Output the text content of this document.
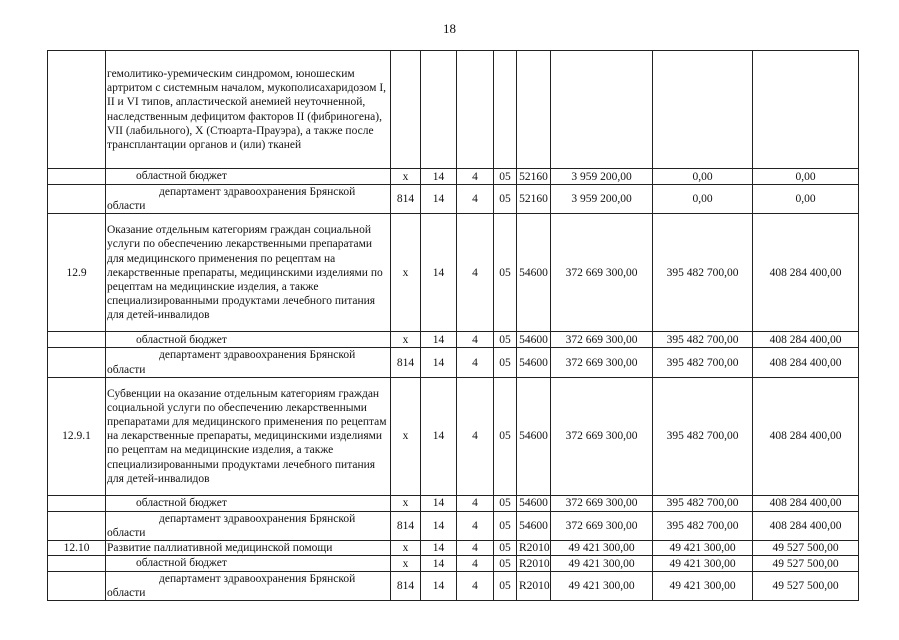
18
	гемолитико-уремическим синдромом, юношеским артритом с системным началом, мукополисахаридозом I, II и VI типов, апластической анемией неуточненной, наследственным дефицитом факторов II (фибриногена), VII (лабильного), X (Стюарта-Прауэра), а также после трансплантации органов и (или) тканей								
	областной бюджет	x	14	4	05	52160	3 959 200,00	0,00	0,00

	департамент здравоохранения Брянской
области	814	14	4	05	52160	3 959 200,00	0,00	0,00
12.9	Оказание отдельным категориям граждан социальной услуги по обеспечению лекарственными препаратами для медицинского применения по рецептам на лекарственные препараты, медицинскими изделиями по рецептам на медицинские изделия, а также специализированными продуктами лечебного питания для детей-инвалидов	x	14	4	05	54600	372 669 300,00	395 482 700,00	408 284 400,00
	областной бюджет	x	14	4	05	54600	372 669 300,00	395 482 700,00	408 284 400,00

	департамент здравоохранения Брянской
области	814	14	4	05	54600	372 669 300,00	395 482 700,00	408 284 400,00
12.9.1	Субвенции на оказание отдельным категориям граждан социальной услуги по обеспечению лекарственными препаратами для медицинского применения по рецептам на лекарственные препараты, медицинскими изделиями по рецептам на медицинские изделия, а также специализированными продуктами лечебного питания для детей-инвалидов	x	14	4	05	54600	372 669 300,00	395 482 700,00	408 284 400,00
	областной бюджет	x	14	4	05	54600	372 669 300,00	395 482 700,00	408 284 400,00

	департамент здравоохранения Брянской
области	814	14	4	05	54600	372 669 300,00	395 482 700,00	408 284 400,00
12.10	Развитие паллиативной медицинской помощи	x	14	4	05	R2010	49 421 300,00	49 421 300,00	49 527 500,00
	областной бюджет	x	14	4	05	R2010	49 421 300,00	49 421 300,00	49 527 500,00

	департамент здравоохранения Брянской
области	814	14	4	05	R2010	49 421 300,00	49 421 300,00	49 527 500,00
